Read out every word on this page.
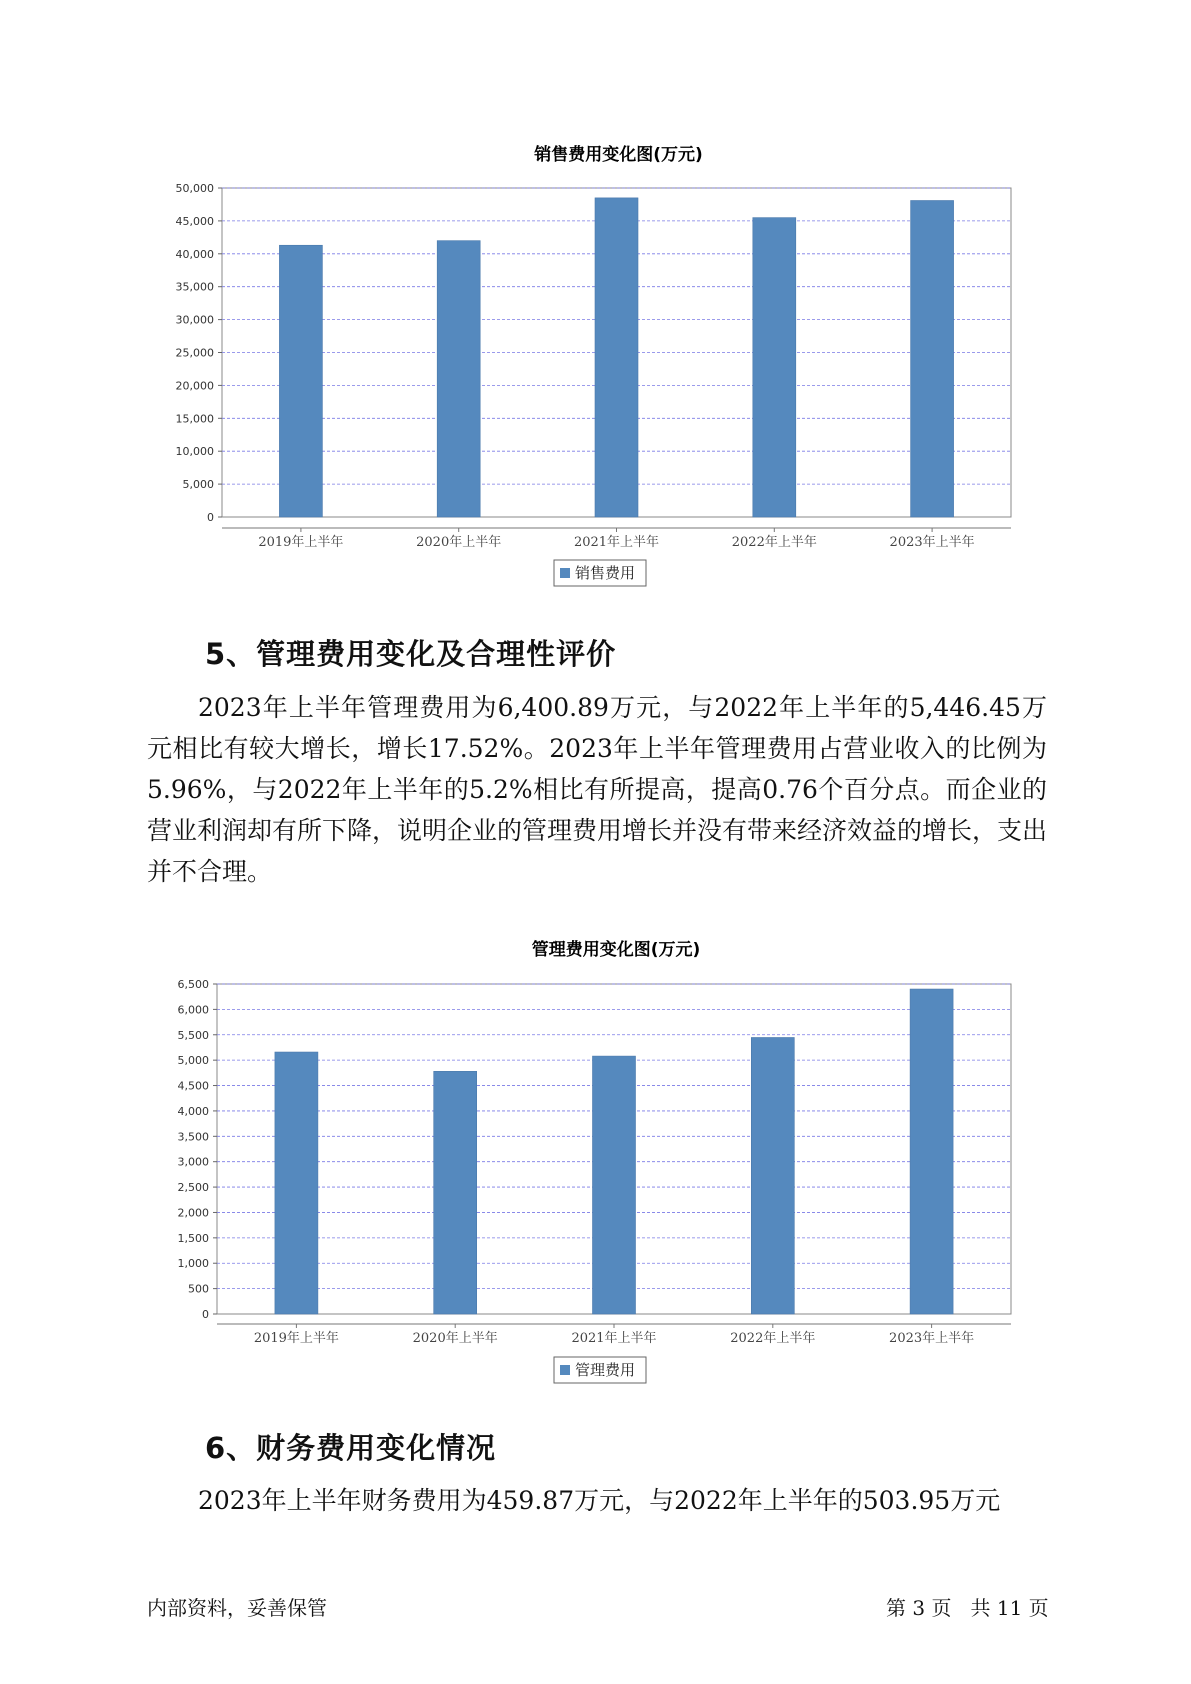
销售费用变化图(万元)
0
5,000
10,000
15,000
20,000
25,000
30,000
35,000
40,000
45,000
50,000
2019年上半年	2020年上半年	2021年上半年	2022年上半年	2023年上半年
销售费用
5、管理费用变化及合理性评价

2023年上半年管理费用为6,400.89万元，与2022年上半年的5,446.45万元相比有较大增长，增长17.52%。2023年上半年管理费用占营业收入的比例为5.96%，与2022年上半年的5.2%相比有所提高，提高0.76个百分点。而企业的营业利润却有所下降，说明企业的管理费用增长并没有带来经济效益的增长，支出并不合理。

管理费用变化图(万元)
0
500
1,000
1,500
2,000
2,500
3,000
3,500
4,000
4,500
5,000
5,500
6,000
6,500
2019年上半年	2020年上半年	2021年上半年	2022年上半年	2023年上半年
管理费用
6、财务费用变化情况

2023年上半年财务费用为459.87万元，与2022年上半年的503.95万元

内部资料，妥善保管	第 3 页   共 11 页
